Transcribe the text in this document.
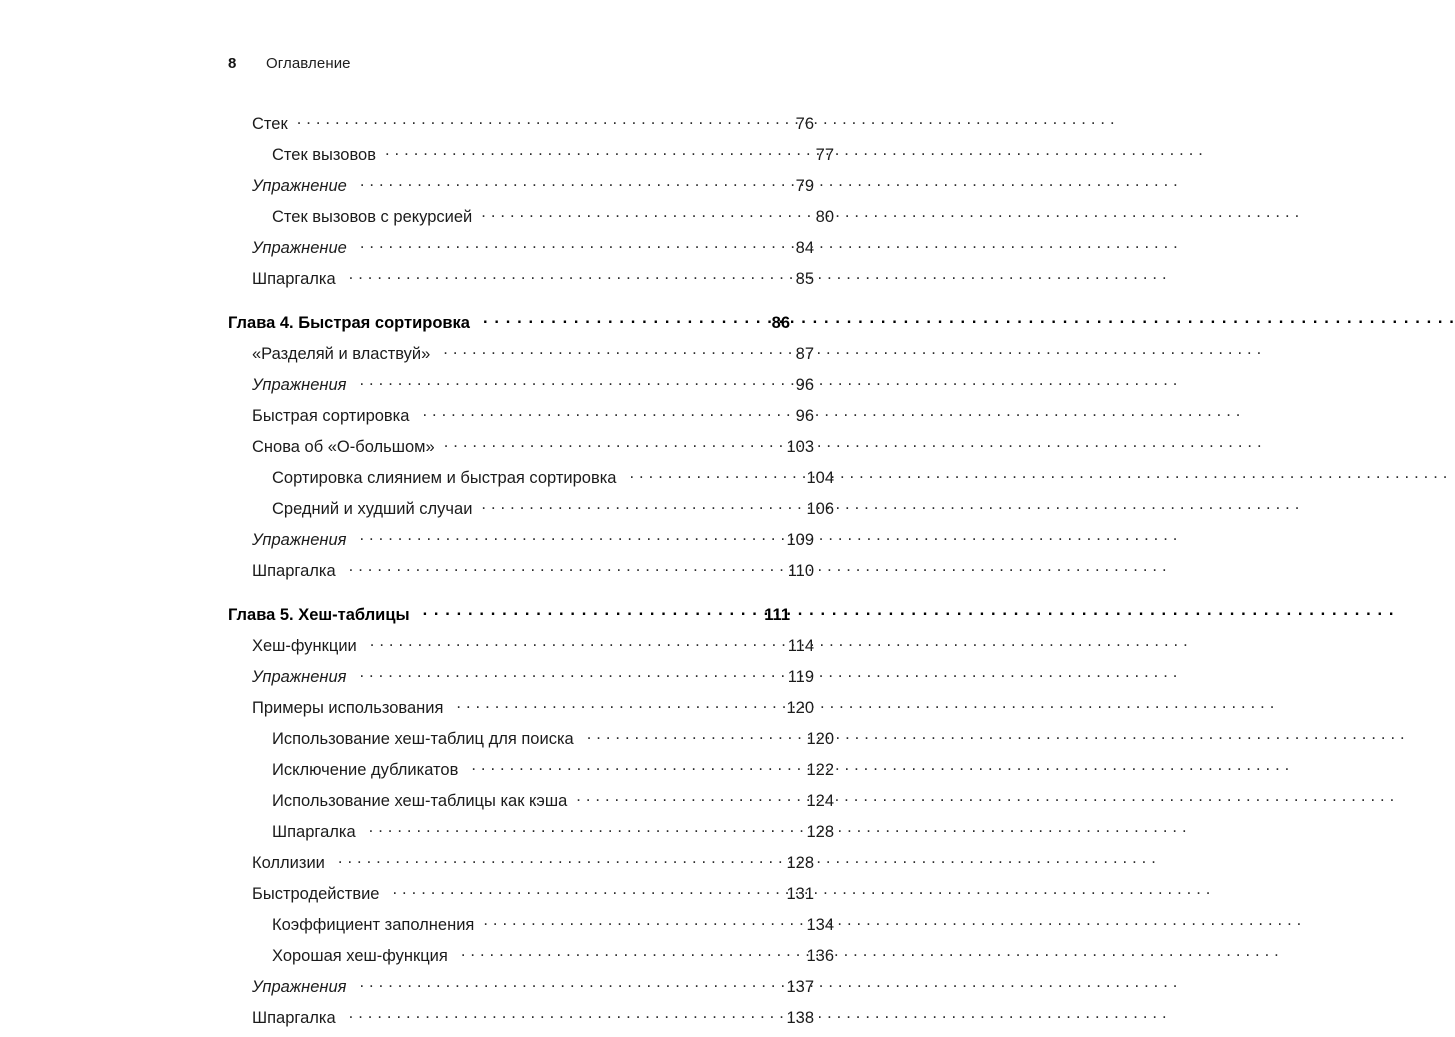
8	Оглавление
Стек . . .	76
Стек вызовов . . .	77
Упражнение . . .	79
Стек вызовов с рекурсией . . .	80
Упражнение . . .	84
Шпаргалка . . .	85
Глава 4. Быстрая сортировка . . .	86
«Разделяй и властвуй» . . .	87
Упражнения . . .	96
Быстрая сортировка . . .	96
Снова об «О-большом» . . .	103
Сортировка слиянием и быстрая сортировка . . .	104
Средний и худший случаи . . .	106
Упражнения . . .	109
Шпаргалка . . .	110
Глава 5. Хеш-таблицы . . .	111
Хеш-функции . . .	114
Упражнения . . .	119
Примеры использования . . .	120
Использование хеш-таблиц для поиска . . .	120
Исключение дубликатов . . .	122
Использование хеш-таблицы как кэша . . .	124
Шпаргалка . . .	128
Коллизии . . .	128
Быстродействие . . .	131
Коэффициент заполнения . . .	134
Хорошая хеш-функция . . .	136
Упражнения . . .	137
Шпаргалка . . .	138
